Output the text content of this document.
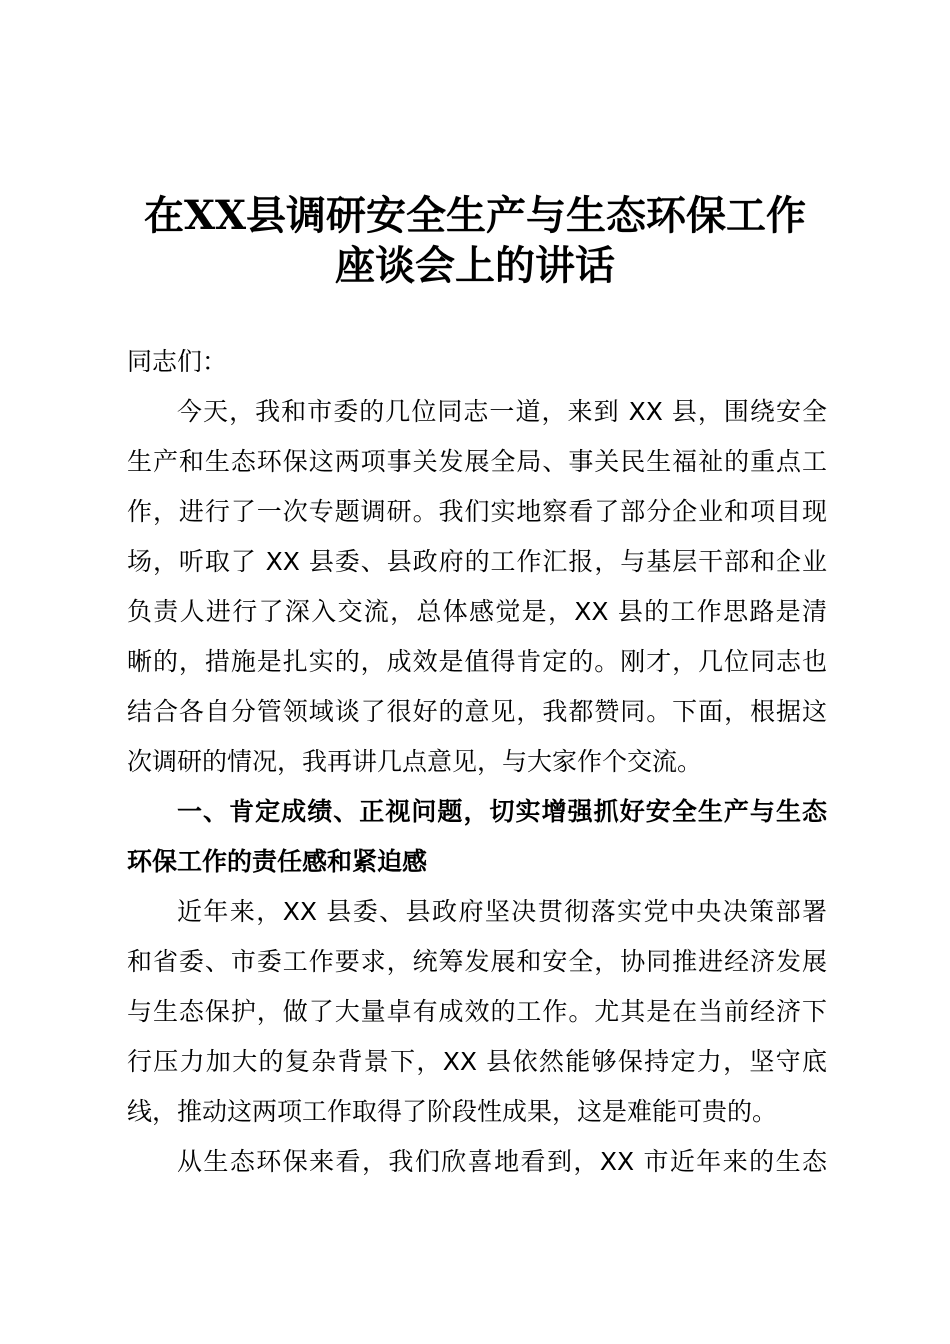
在XX县调研安全生产与生态环保工作
座谈会上的讲话

同志们：

今天，我和市委的几位同志一道，来到 XX 县，围绕安全

生产和生态环保这两项事关发展全局、事关民生福祉的重点工

作，进行了一次专题调研。我们实地察看了部分企业和项目现

场，听取了 XX 县委、县政府的工作汇报，与基层干部和企业

负责人进行了深入交流，总体感觉是，XX 县的工作思路是清

晰的，措施是扎实的，成效是值得肯定的。刚才，几位同志也

结合各自分管领域谈了很好的意见，我都赞同。下面，根据这

次调研的情况，我再讲几点意见，与大家作个交流。

一、肯定成绩、正视问题，切实增强抓好安全生产与生态

环保工作的责任感和紧迫感

近年来，XX 县委、县政府坚决贯彻落实党中央决策部署

和省委、市委工作要求，统筹发展和安全，协同推进经济发展

与生态保护，做了大量卓有成效的工作。尤其是在当前经济下

行压力加大的复杂背景下，XX 县依然能够保持定力，坚守底

线，推动这两项工作取得了阶段性成果，这是难能可贵的。

从生态环保来看，我们欣喜地看到，XX 市近年来的生态
